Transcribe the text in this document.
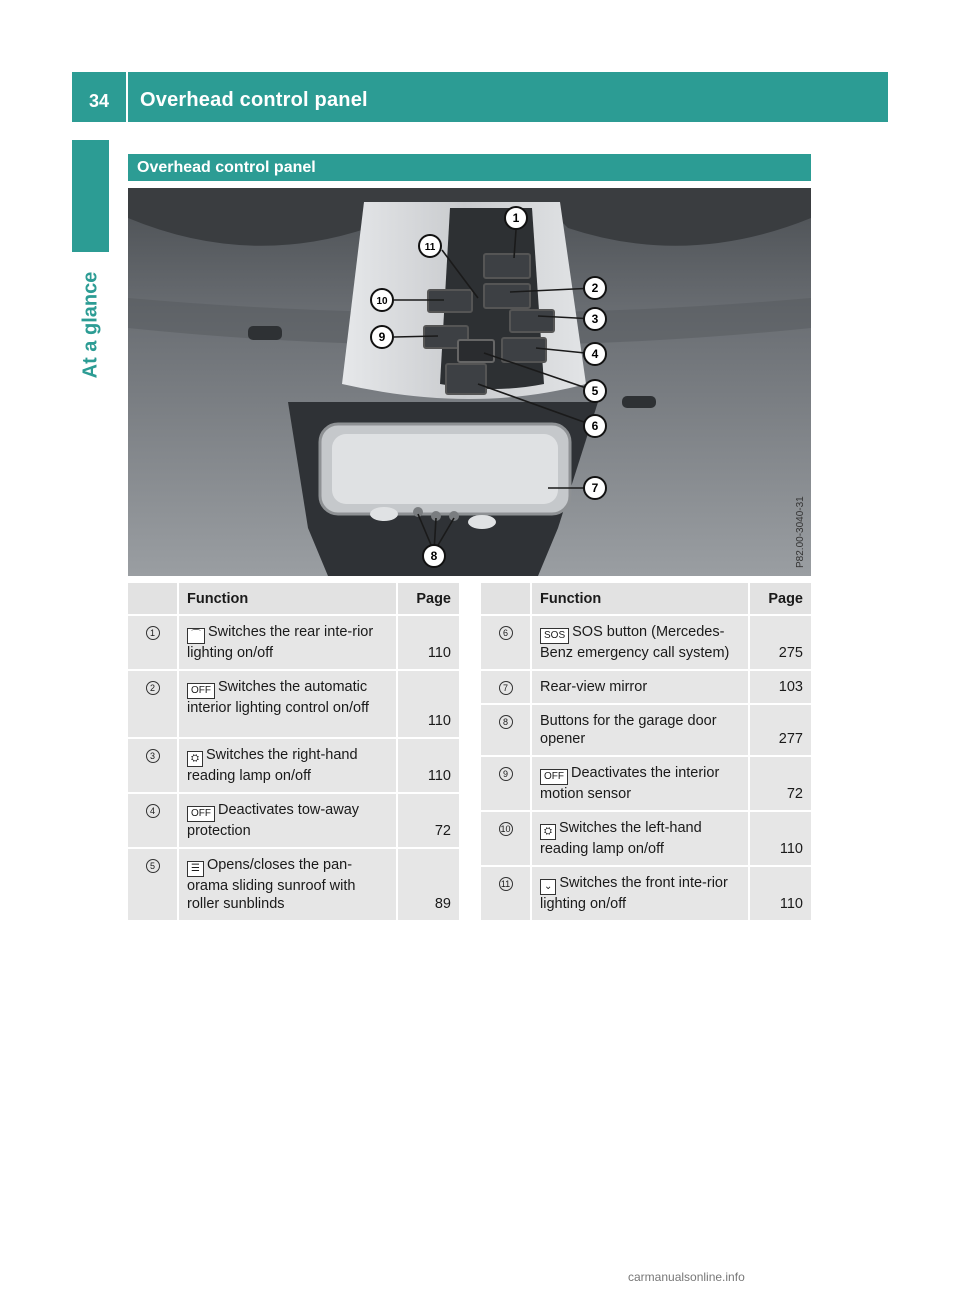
34	Overhead control panel
At a glance
Overhead control panel
1
2
3
4
5
6
7
8
9
10
11
P82.00-3040-31
	Function	Page
1	⌒ Switches the rear inte-rior lighting on/off	110
2	OFF Switches the automatic interior lighting control on/off	110
3	⛭ Switches the right-hand reading lamp on/off	110
4	OFF Deactivates tow-away protection	72
5	☰ Opens/closes the pan-orama sliding sunroof with roller sunblinds	89
	Function	Page
6	SOS SOS button (Mercedes-Benz emergency call system)	275
7	Rear-view mirror	103
8	Buttons for the garage door opener	277
9	OFF Deactivates the interior motion sensor	72
10	⛭ Switches the left-hand reading lamp on/off	110
11	⌄ Switches the front inte-rior lighting on/off	110
carmanualsonline.info
